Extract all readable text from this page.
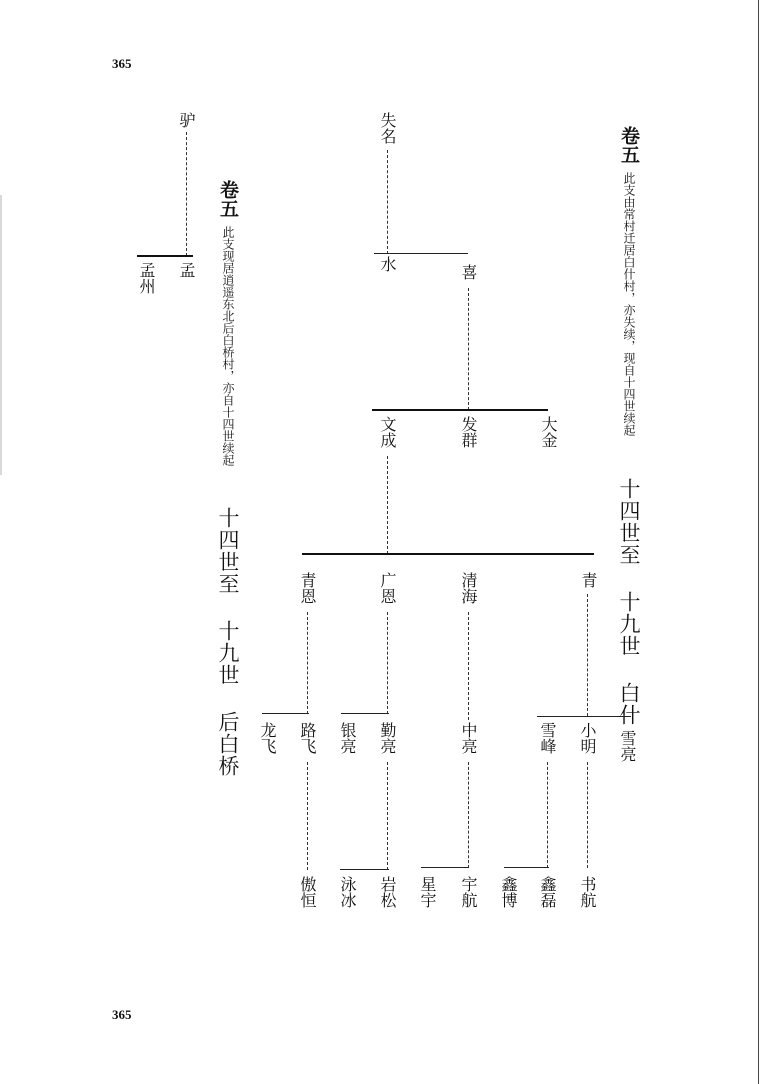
365
365
卷五
此支由常村迁居白什村，亦失续，现自十四世续起
十四世至 十九世 白什
卷五
此支现居逍遥东北后白桥村，亦自十四世续起
十四世至 十九世 后白桥
驴
孟
孟州
失名
水	喜
文成	发群	大金
青恩	广恩	清海	青
龙飞 路飞 银亮 勤亮	中亮	雪峰 小明 雪亮
傲恒 泳冰 岩松 星宇 宇航 鑫博 鑫磊 书航
